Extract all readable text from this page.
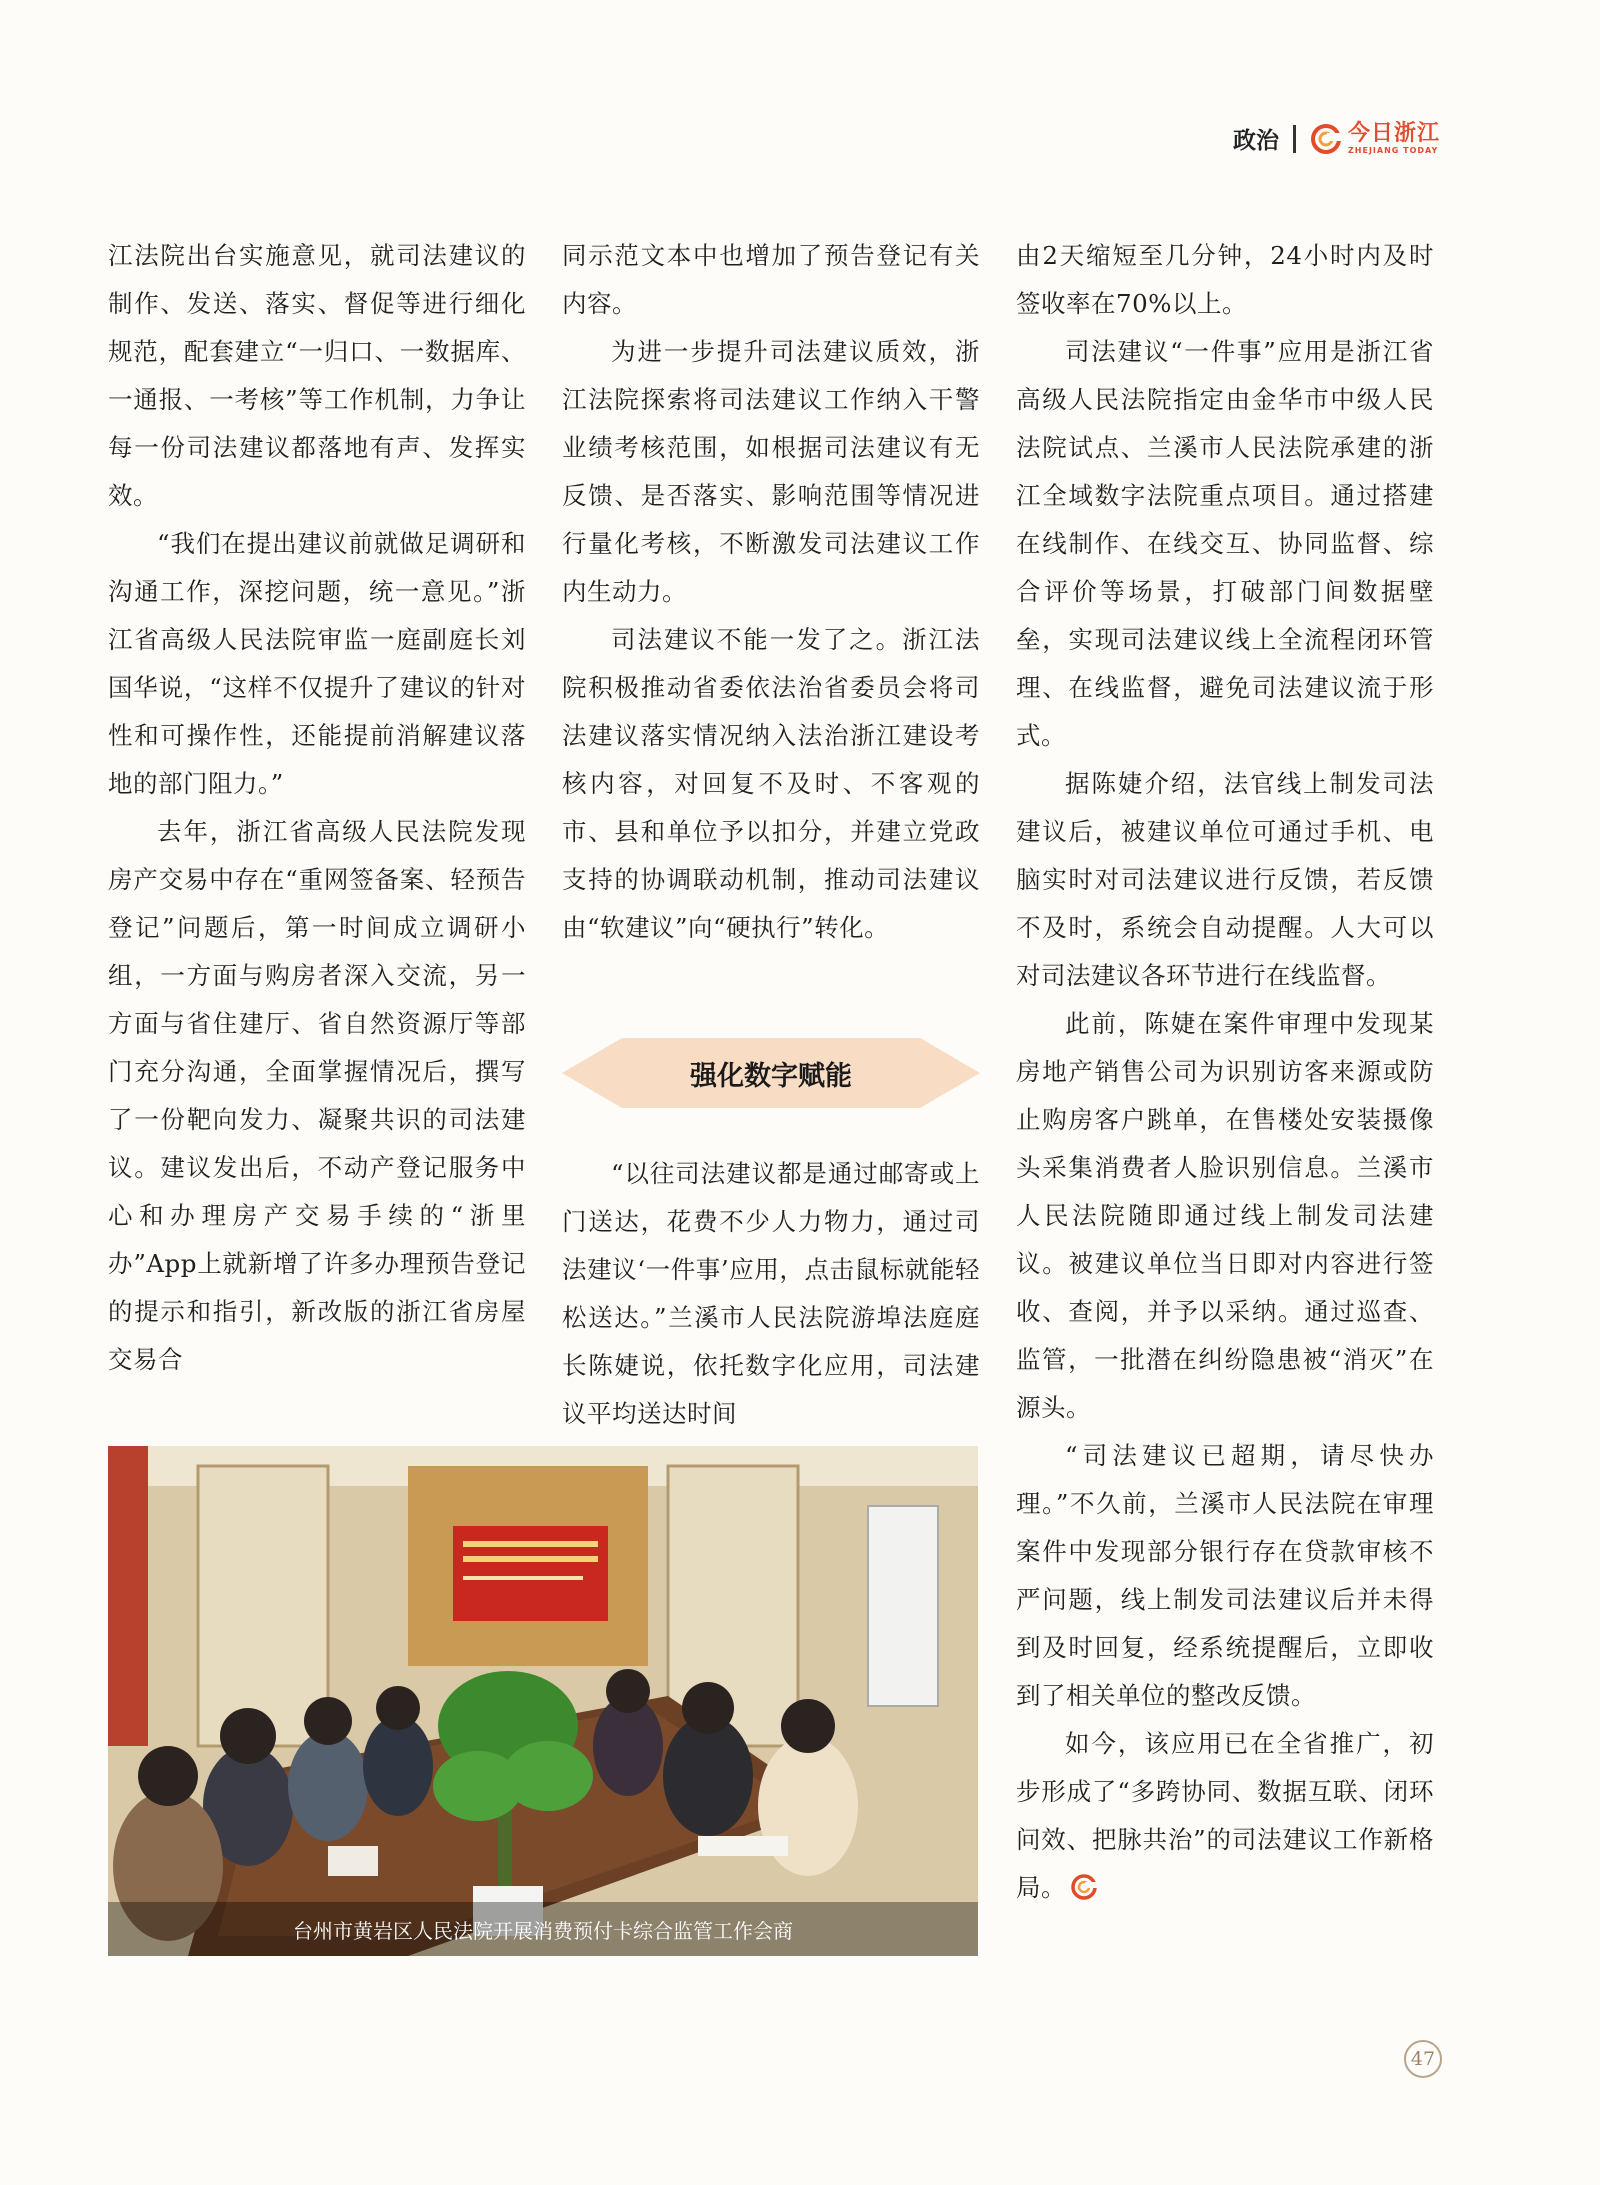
政治	今日浙江
ZHEJIANG TODAY

江法院出台实施意见，就司法建议的制作、发送、落实、督促等进行细化规范，配套建立“一归口、一数据库、一通报、一考核”等工作机制，力争让每一份司法建议都落地有声、发挥实效。

“我们在提出建议前就做足调研和沟通工作，深挖问题，统一意见。”浙江省高级人民法院审监一庭副庭长刘国华说，“这样不仅提升了建议的针对性和可操作性，还能提前消解建议落地的部门阻力。”

去年，浙江省高级人民法院发现房产交易中存在“重网签备案、轻预告登记”问题后，第一时间成立调研小组，一方面与购房者深入交流，另一方面与省住建厅、省自然资源厅等部门充分沟通，全面掌握情况后，撰写了一份靶向发力、凝聚共识的司法建议。建议发出后，不动产登记服务中心和办理房产交易手续的“浙里办”App上就新增了许多办理预告登记的提示和指引，新改版的浙江省房屋交易合

同示范文本中也增加了预告登记有关内容。

为进一步提升司法建议质效，浙江法院探索将司法建议工作纳入干警业绩考核范围，如根据司法建议有无反馈、是否落实、影响范围等情况进行量化考核，不断激发司法建议工作内生动力。

司法建议不能一发了之。浙江法院积极推动省委依法治省委员会将司法建议落实情况纳入法治浙江建设考核内容，对回复不及时、不客观的市、县和单位予以扣分，并建立党政支持的协调联动机制，推动司法建议由“软建议”向“硬执行”转化。

强化数字赋能

“以往司法建议都是通过邮寄或上门送达，花费不少人力物力，通过司法建议‘一件事’应用，点击鼠标就能轻松送达。”兰溪市人民法院游埠法庭庭长陈婕说，依托数字化应用，司法建议平均送达时间

由2天缩短至几分钟，24小时内及时签收率在70%以上。

司法建议“一件事”应用是浙江省高级人民法院指定由金华市中级人民法院试点、兰溪市人民法院承建的浙江全域数字法院重点项目。通过搭建在线制作、在线交互、协同监督、综合评价等场景，打破部门间数据壁垒，实现司法建议线上全流程闭环管理、在线监督，避免司法建议流于形式。

据陈婕介绍，法官线上制发司法建议后，被建议单位可通过手机、电脑实时对司法建议进行反馈，若反馈不及时，系统会自动提醒。人大可以对司法建议各环节进行在线监督。

此前，陈婕在案件审理中发现某房地产销售公司为识别访客来源或防止购房客户跳单，在售楼处安装摄像头采集消费者人脸识别信息。兰溪市人民法院随即通过线上制发司法建议。被建议单位当日即对内容进行签收、查阅，并予以采纳。通过巡查、监管，一批潜在纠纷隐患被“消灭”在源头。

“司法建议已超期，请尽快办理。”不久前，兰溪市人民法院在审理案件中发现部分银行存在贷款审核不严问题，线上制发司法建议后并未得到及时回复，经系统提醒后，立即收到了相关单位的整改反馈。

如今，该应用已在全省推广，初步形成了“多跨协同、数据互联、闭环问效、把脉共治”的司法建议工作新格局。

台州市黄岩区人民法院开展消费预付卡综合监管工作会商
47
